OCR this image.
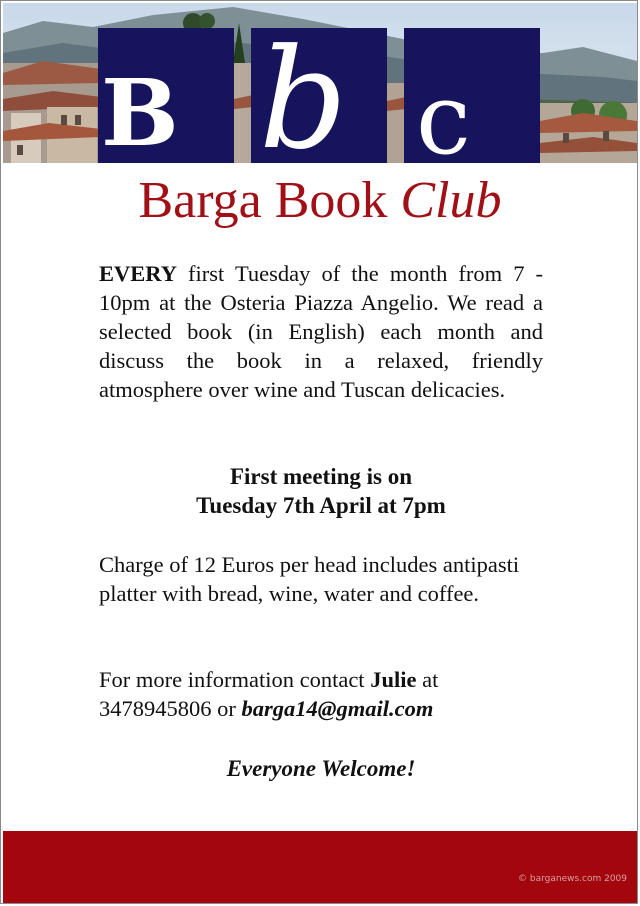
B b c
Barga Book Club

EVERY first Tuesday of the month from 7 - 10pm at the Osteria Piazza Angelio. We read a selected book (in English) each month and discuss the book in a relaxed, friendly atmosphere over wine and Tuscan delicacies.

First meeting is on
Tuesday 7th April at 7pm

Charge of 12 Euros per head includes antipasti platter with bread, wine, water and coffee.

For more information contact Julie at 3478945806 or barga14@gmail.com

Everyone Welcome!
© barganews.com 2009
